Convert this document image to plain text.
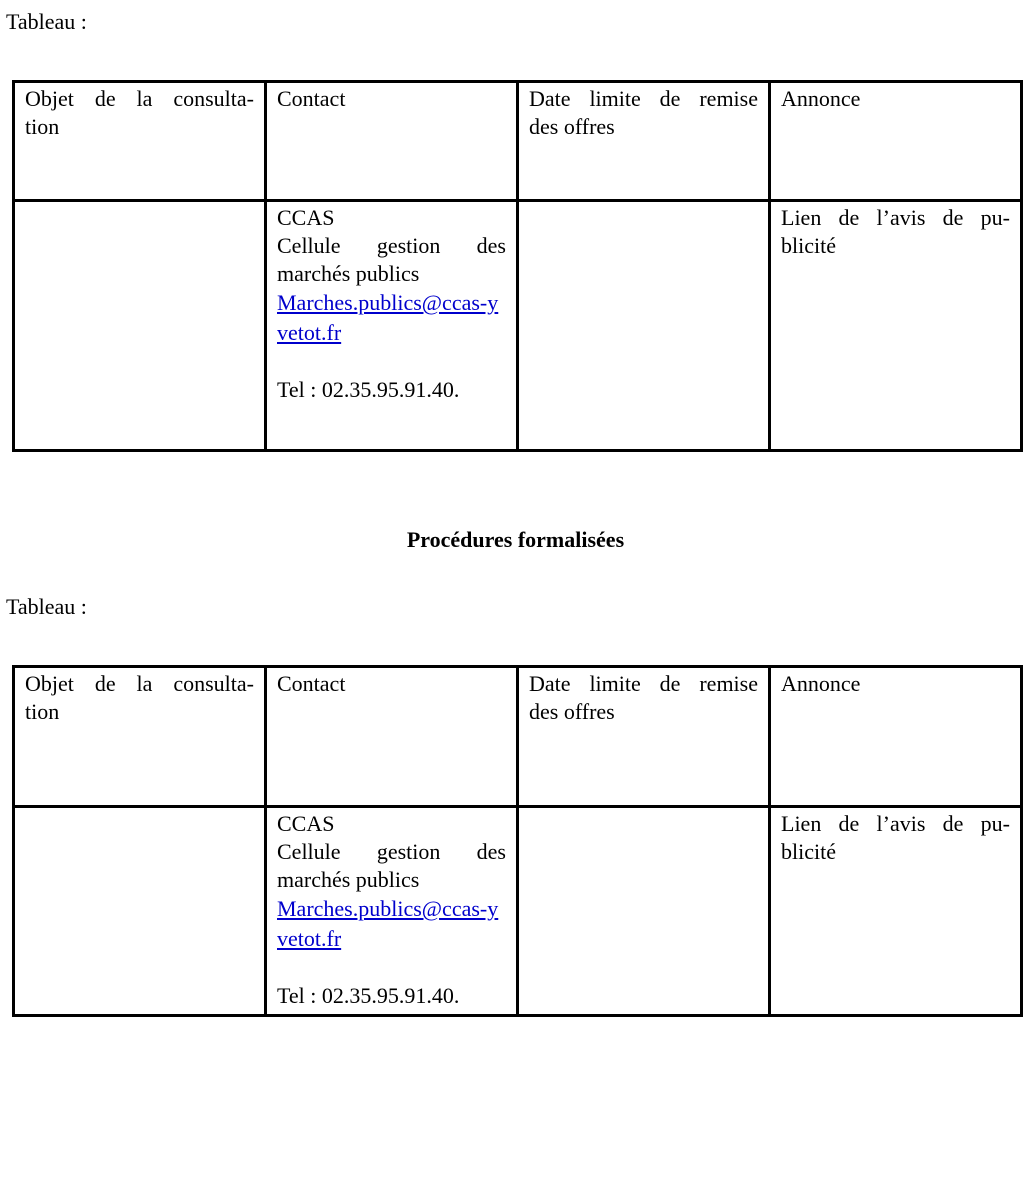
Tableau :

Objet de la consulta-
tion	Contact	Date limite de remise
des offres	Annonce

	CCAS
Cellule gestion des
marchés publics
Marches.publics@ccas-yvetot.fr
Tel : 02.35.95.91.40.		Lien de l’avis de pu-
blicité

Procédures formalisées

Tableau :

Objet de la consulta-
tion	Contact	Date limite de remise
des offres	Annonce

	CCAS
Cellule gestion des
marchés publics
Marches.publics@ccas-yvetot.fr
Tel : 02.35.95.91.40.		Lien de l’avis de pu-
blicité
